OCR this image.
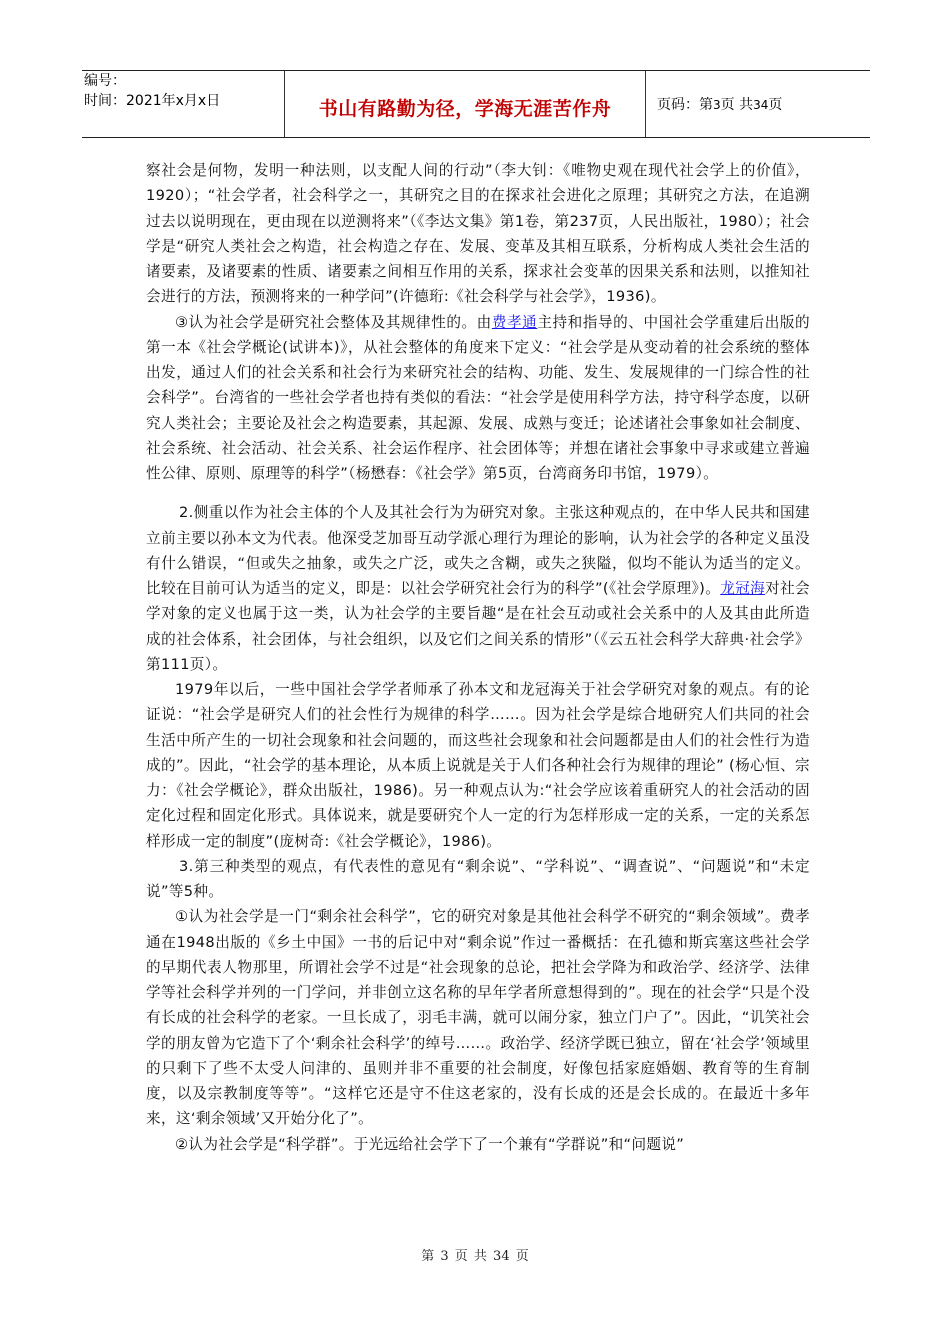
编号：
时间：2021年x月x日	书山有路勤为径，学海无涯苦作舟	页码：第3页 共34页

察社会是何物，发明一种法则，以支配人间的行动”（李大钊：《唯物史观在现代社会学上的价值》，1920）；“社会学者，社会科学之一，其研究之目的在探求社会进化之原理；其研究之方法，在追溯过去以说明现在，更由现在以逆测将来”（《李达文集》第1卷，第237页，人民出版社，1980）；社会学是“研究人类社会之构造，社会构造之存在、发展、变革及其相互联系，分析构成人类社会生活的诸要素，及诸要素的性质、诸要素之间相互作用的关系，探求社会变革的因果关系和法则，以推知社会进行的方法，预测将来的一种学问”(许德珩:《社会科学与社会学》，1936)。

③认为社会学是研究社会整体及其规律性的。由费孝通主持和指导的、中国社会学重建后出版的第一本《社会学概论(试讲本)》，从社会整体的角度来下定义：“社会学是从变动着的社会系统的整体出发，通过人们的社会关系和社会行为来研究社会的结构、功能、发生、发展规律的一门综合性的社会科学”。台湾省的一些社会学者也持有类似的看法：“社会学是使用科学方法，持守科学态度，以研究人类社会；主要论及社会之构造要素，其起源、发展、成熟与变迁；论述诸社会事象如社会制度、社会系统、社会活动、社会关系、社会运作程序、社会团体等；并想在诸社会事象中寻求或建立普遍性公律、原则、原理等的科学”（杨懋春：《社会学》第5页，台湾商务印书馆，1979）。

2.侧重以作为社会主体的个人及其社会行为为研究对象。主张这种观点的，在中华人民共和国建立前主要以孙本文为代表。他深受芝加哥互动学派心理行为理论的影响，认为社会学的各种定义虽没有什么错误，“但或失之抽象，或失之广泛，或失之含糊，或失之狭隘，似均不能认为适当的定义。比较在目前可认为适当的定义，即是：以社会学研究社会行为的科学”(《社会学原理》)。龙冠海对社会学对象的定义也属于这一类，认为社会学的主要旨趣“是在社会互动或社会关系中的人及其由此所造成的社会体系，社会团体，与社会组织，以及它们之间关系的情形”（《云五社会科学大辞典·社会学》第111页）。

1979年以后，一些中国社会学学者师承了孙本文和龙冠海关于社会学研究对象的观点。有的论证说：“社会学是研究人们的社会性行为规律的科学……。因为社会学是综合地研究人们共同的社会生活中所产生的一切社会现象和社会问题的，而这些社会现象和社会问题都是由人们的社会性行为造成的”。因此，“社会学的基本理论，从本质上说就是关于人们各种社会行为规律的理论” (杨心恒、宗力：《社会学概论》，群众出版社，1986)。另一种观点认为:“社会学应该着重研究人的社会活动的固定化过程和固定化形式。具体说来，就是要研究个人一定的行为怎样形成一定的关系，一定的关系怎样形成一定的制度”(庞树奇:《社会学概论》，1986)。

3.第三种类型的观点，有代表性的意见有“剩余说”、“学科说”、“调查说”、“问题说”和“未定说”等5种。

①认为社会学是一门“剩余社会科学”，它的研究对象是其他社会科学不研究的“剩余领域”。费孝通在1948出版的《乡土中国》一书的后记中对“剩余说”作过一番概括：在孔德和斯宾塞这些社会学的早期代表人物那里，所谓社会学不过是“社会现象的总论，把社会学降为和政治学、经济学、法律学等社会科学并列的一门学问，并非创立这名称的早年学者所意想得到的”。现在的社会学“只是个没有长成的社会科学的老家。一旦长成了，羽毛丰满，就可以闹分家，独立门户了”。因此，“讥笑社会学的朋友曾为它造下了个‘剩余社会科学’的绰号……。政治学、经济学既已独立，留在‘社会学’领域里的只剩下了些不太受人问津的、虽则并非不重要的社会制度，好像包括家庭婚姻、教育等的生育制度，以及宗教制度等等”。“这样它还是守不住这老家的，没有长成的还是会长成的。在最近十多年来，这‘剩余领域’又开始分化了”。

②认为社会学是“科学群”。于光远给社会学下了一个兼有“学群说”和“问题说”

第 3 页 共 34 页
